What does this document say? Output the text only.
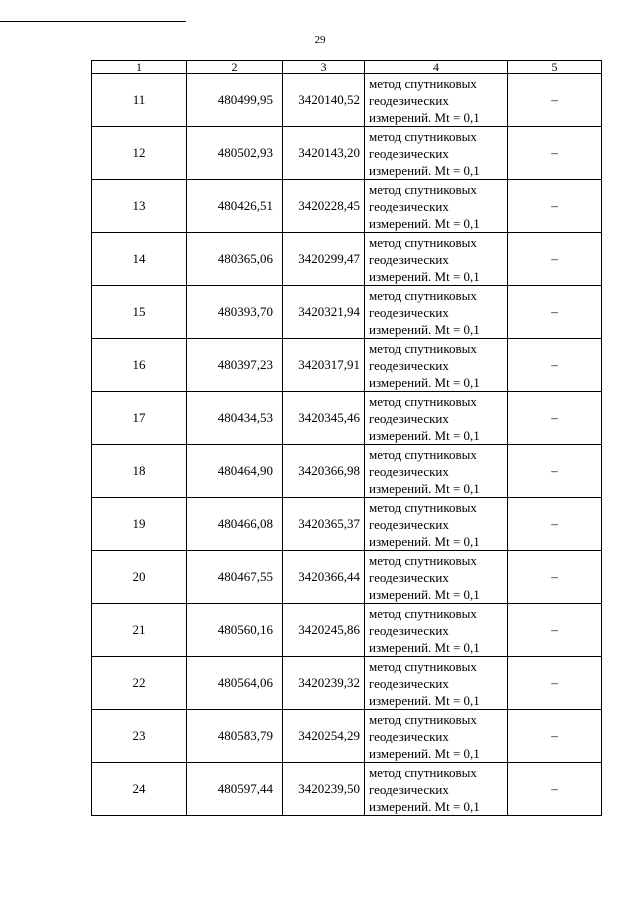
29
1	2	3	4	5
11	480499,95	3420140,52	метод спутниковых
геодезических
измерений. Mt = 0,1	–
12	480502,93	3420143,20	метод спутниковых
геодезических
измерений. Mt = 0,1	–
13	480426,51	3420228,45	метод спутниковых
геодезических
измерений. Mt = 0,1	–
14	480365,06	3420299,47	метод спутниковых
геодезических
измерений. Mt = 0,1	–
15	480393,70	3420321,94	метод спутниковых
геодезических
измерений. Mt = 0,1	–
16	480397,23	3420317,91	метод спутниковых
геодезических
измерений. Mt = 0,1	–
17	480434,53	3420345,46	метод спутниковых
геодезических
измерений. Mt = 0,1	–
18	480464,90	3420366,98	метод спутниковых
геодезических
измерений. Mt = 0,1	–
19	480466,08	3420365,37	метод спутниковых
геодезических
измерений. Mt = 0,1	–
20	480467,55	3420366,44	метод спутниковых
геодезических
измерений. Mt = 0,1	–
21	480560,16	3420245,86	метод спутниковых
геодезических
измерений. Mt = 0,1	–
22	480564,06	3420239,32	метод спутниковых
геодезических
измерений. Mt = 0,1	–
23	480583,79	3420254,29	метод спутниковых
геодезических
измерений. Mt = 0,1	–
24	480597,44	3420239,50	метод спутниковых
геодезических
измерений. Mt = 0,1	–
